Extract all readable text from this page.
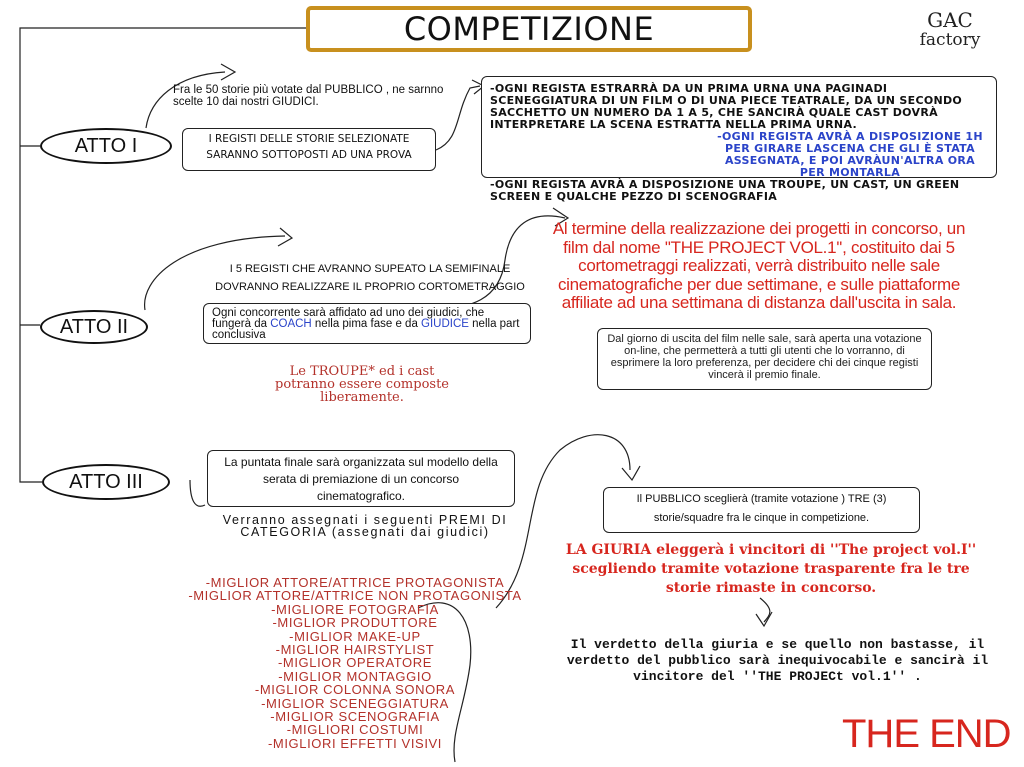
COMPETIZIONE	GAC
factory
ATTO I
Fra le 50 storie più votate dal PUBBLICO , ne sarnno scelte 10 dai nostri GIUDICI.
I REGISTI DELLE STORIE SELEZIONATE SARANNO SOTTOPOSTI AD UNA PROVA
-OGNI REGISTA ESTRARRÀ DA UN PRIMA URNA UNA PAGINADI SCENEGGIATURA DI UN FILM O DI UNA PIECE TEATRALE, DA UN SECONDO SACCHETTO UN NUMERO DA 1 A 5, CHE SANCIRÀ QUALE CAST DOVRÀ INTERPRETARE LA SCENA ESTRATTA NELLA PRIMA URNA.
-OGNI REGISTA AVRÀ A DISPOSIZIONE 1H PER GIRARE LASCENA CHE GLI È STATA ASSEGNATA, E POI AVRÀUN'ALTRA ORA PER MONTARLA
-OGNI REGISTA AVRÀ A DISPOSIZIONE UNA TROUPE, UN CAST, UN GREEN SCREEN E QUALCHE PEZZO DI SCENOGRAFIA
ATTO II
I 5 REGISTI CHE AVRANNO SUPEATO LA SEMIFINALE
DOVRANNO REALIZZARE IL PROPRIO CORTOMETRAGGIO
Ogni concorrente sarà affidato ad uno dei giudici, che fungerà da COACH nella pima fase e da GIUDICE nella part conclusiva
Le TROUPE* ed i cast potranno essere composte liberamente.
Al termine della realizzazione dei progetti in concorso, un film dal nome ''THE PROJECT VOL.1'', costituito dai 5 cortometraggi realizzati, verrà distribuito nelle sale cinematografiche per due settimane, e sulle piattaforme affiliate ad una settimana di distanza dall'uscita in sala.
Dal giorno di uscita del film nelle sale, sarà aperta una votazione on-line, che permetterà a tutti gli utenti che lo vorranno, di esprimere la loro preferenza, per decidere chi dei cinque registi vincerà il premio finale.
ATTO III
La puntata finale sarà organizzata sul modello della serata di premiazione di un concorso cinematografico.
Verranno assegnati i seguenti PREMI DI CATEGORIA (assegnati dai giudici)
-MIGLIOR ATTORE/ATTRICE PROTAGONISTA
-MIGLIOR ATTORE/ATTRICE NON PROTAGONISTA
-MIGLIORE FOTOGRAFIA
-MIGLIOR PRODUTTORE
-MIGLIOR MAKE-UP
-MIGLIOR HAIRSTYLIST
-MIGLIOR OPERATORE
-MIGLIOR MONTAGGIO
-MIGLIOR COLONNA SONORA
-MIGLIOR SCENEGGIATURA
-MIGLIOR SCENOGRAFIA
-MIGLIORI COSTUMI
-MIGLIORI EFFETTI VISIVI
Il PUBBLICO sceglierà (tramite votazione ) TRE (3) storie/squadre fra le cinque in competizione.
LA GIURIA eleggerà i vincitori di ''The project vol.I'' scegliendo tramite votazione trasparente fra le tre storie rimaste in concorso.
Il verdetto della giuria e se quello non bastasse, il verdetto del pubblico sarà inequivocabile e sancirà il vincitore del ''THE PROJECt vol.1'' .
THE END
